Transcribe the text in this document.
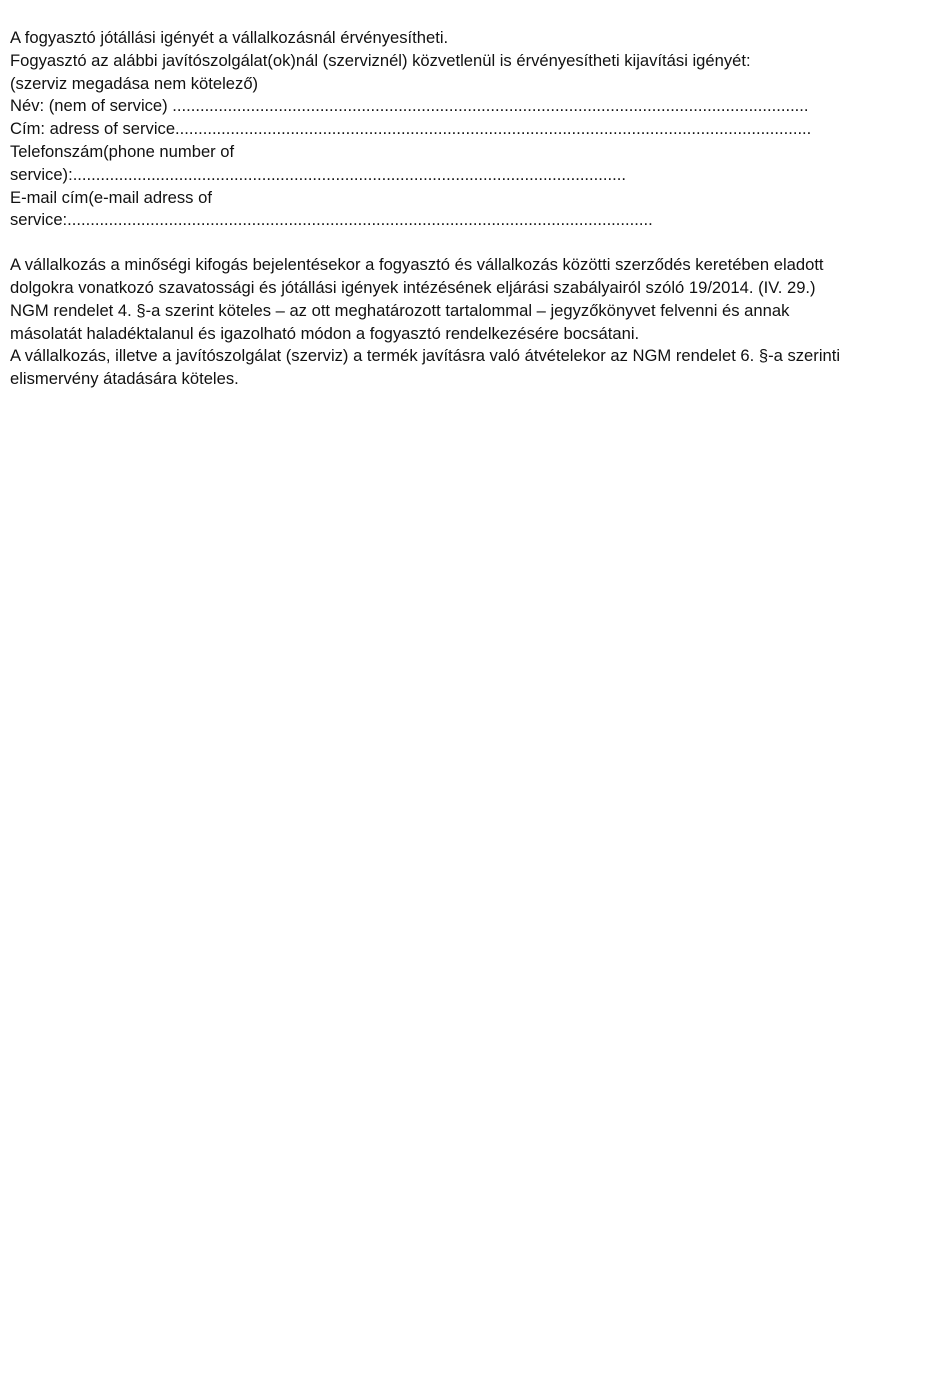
A fogyasztó jótállási igényét a vállalkozásnál érvényesítheti.
Fogyasztó az alábbi javítószolgálat(ok)nál (szerviznél) közvetlenül is érvényesítheti kijavítási igényét:
(szerviz megadása nem kötelező)
Név: (nem of service) ..........................................................................................................................................
Cím: adress of service..........................................................................................................................................
Telefonszám(phone number of
service):........................................................................................................................
E-mail cím(e-mail adress of
service:...............................................................................................................................
A vállalkozás a minőségi kifogás bejelentésekor a fogyasztó és vállalkozás közötti szerződés keretében eladott
dolgokra vonatkozó szavatossági és jótállási igények intézésének eljárási szabályairól szóló 19/2014. (IV. 29.)
NGM rendelet 4. §-a szerint köteles – az ott meghatározott tartalommal – jegyzőkönyvet felvenni és annak
másolatát haladéktalanul és igazolható módon a fogyasztó rendelkezésére bocsátani.
A vállalkozás, illetve a javítószolgálat (szerviz) a termék javításra való átvételekor az NGM rendelet 6. §-a szerinti
elismervény átadására köteles.
